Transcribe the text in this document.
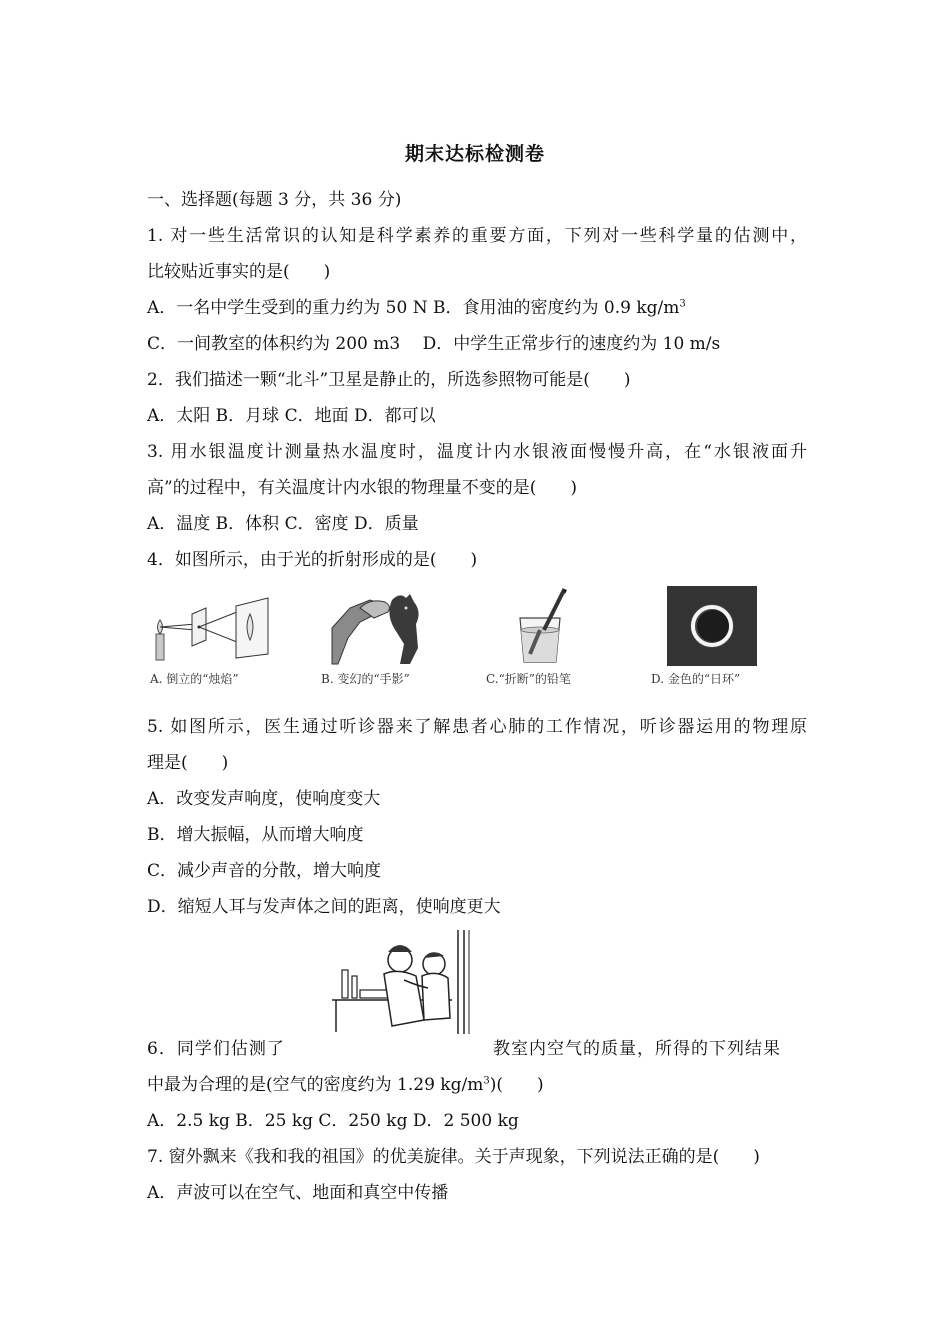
期末达标检测卷
一、选择题(每题 3 分，共 36 分)
1. 对一些生活常识的认知是科学素养的重要方面，下列对一些科学量的估测中，
比较贴近事实的是(　　)
A．一名中学生受到的重力约为 50 N B．食用油的密度约为 0.9 $kg/m^3$
C．一间教室的体积约为 200 m3　 D．中学生正常步行的速度约为 10 m/s
2．我们描述一颗“北斗”卫星是静止的，所选参照物可能是(　　)
A．太阳 B．月球 C．地面 D．都可以
3. 用水银温度计测量热水温度时，温度计内水银液面慢慢升高，在“水银液面升
高”的过程中，有关温度计内水银的物理量不变的是(　　)
A．温度 B．体积 C．密度 D．质量
4．如图所示，由于光的折射形成的是(　　)
A. 倒立的“烛焰”	B. 变幻的“手影”	C.“折断”的铅笔	D. 金色的“日环”
5. 如图所示，医生通过听诊器来了解患者心肺的工作情况，听诊器运用的物理原
理是(　　)
A．改变发声响度，使响度变大
B．增大振幅，从而增大响度
C．减少声音的分散，增大响度
D．缩短人耳与发声体之间的距离，使响度更大
6．同学们估测了	教室内空气的质量，所得的下列结果
中最为合理的是(空气的密度约为 1.29 $kg/m^3$)(　　)
A．2.5 kg B．25 kg C．250 kg D．2 500 kg
7. 窗外飘来《我和我的祖国》的优美旋律。关于声现象，下列说法正确的是(　　)
A．声波可以在空气、地面和真空中传播
